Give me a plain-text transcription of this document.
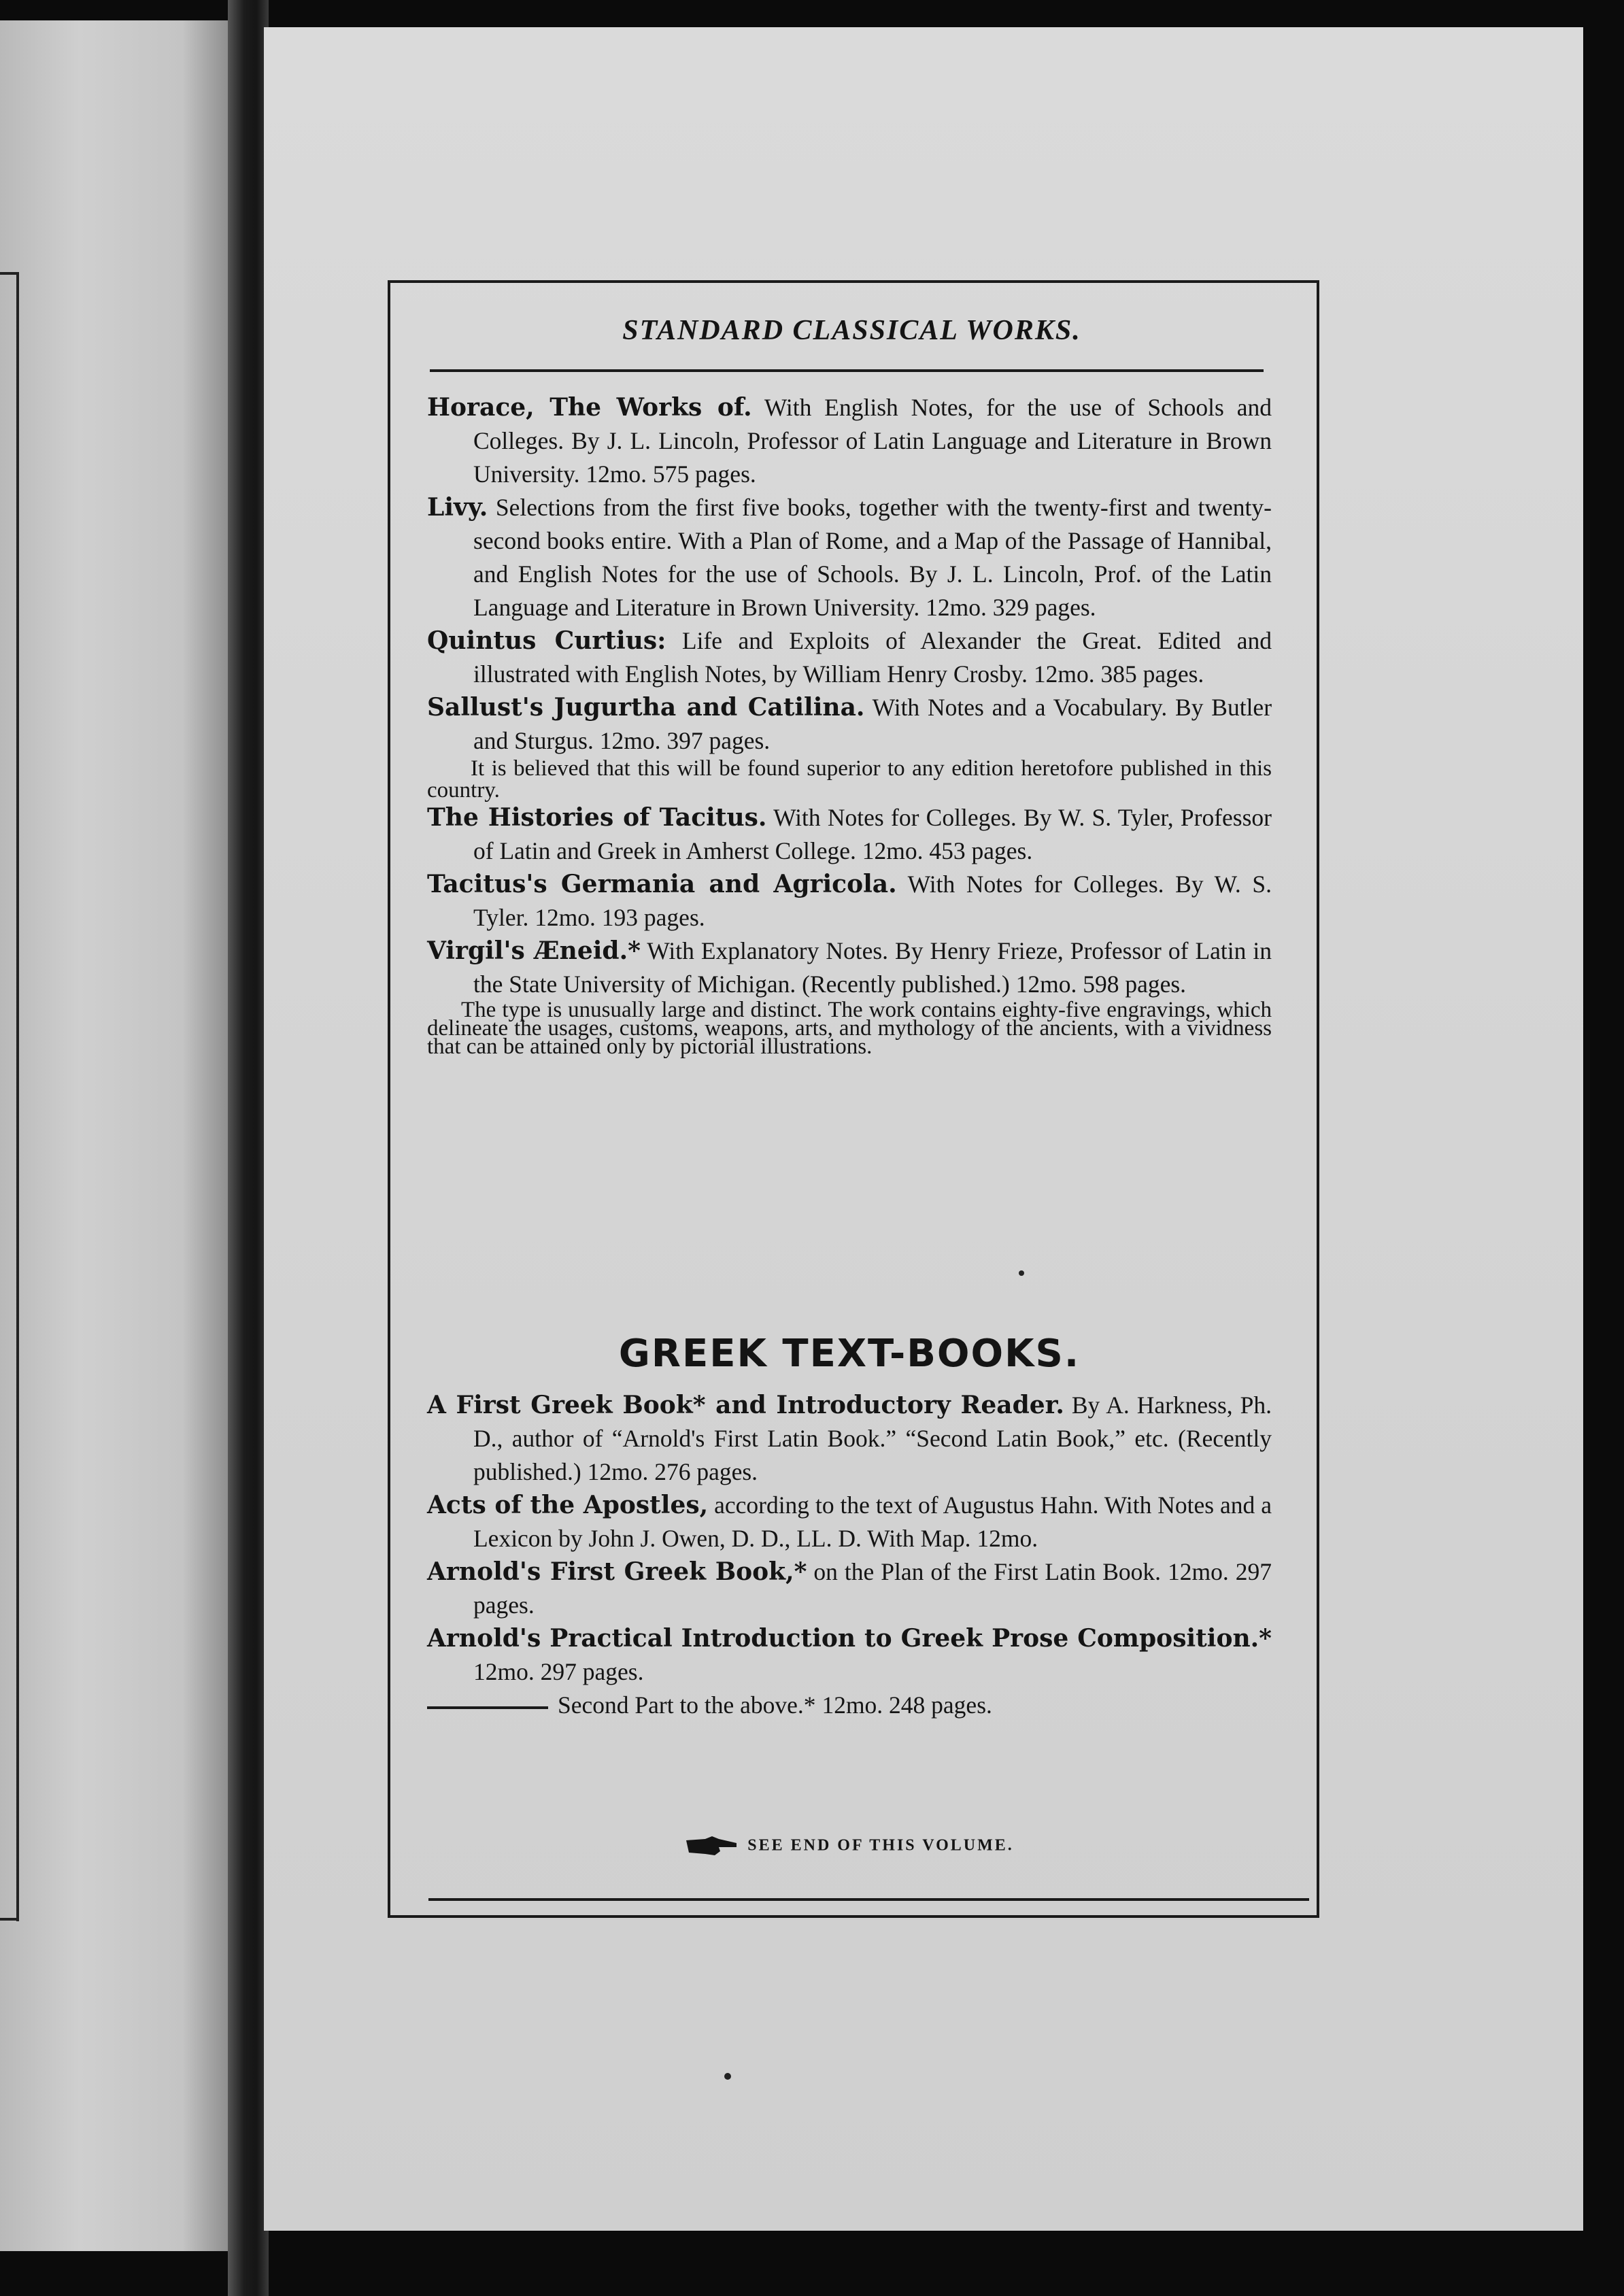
STANDARD CLASSICAL WORKS.

Horace, The Works of. With English Notes, for the use of Schools and Colleges. By J. L. Lincoln, Professor of Latin Language and Literature in Brown University. 12mo. 575 pages.

Livy. Selections from the first five books, together with the twenty-first and twenty-second books entire. With a Plan of Rome, and a Map of the Passage of Hannibal, and English Notes for the use of Schools. By J. L. Lincoln, Prof. of the Latin Language and Literature in Brown University. 12mo. 329 pages.

Quintus Curtius: Life and Exploits of Alexander the Great. Edited and illustrated with English Notes, by William Henry Crosby. 12mo. 385 pages.

Sallust's Jugurtha and Catilina. With Notes and a Vocabulary. By Butler and Sturgus. 12mo. 397 pages.

It is believed that this will be found superior to any edition heretofore published in this country.

The Histories of Tacitus. With Notes for Colleges. By W. S. Tyler, Professor of Latin and Greek in Amherst College. 12mo. 453 pages.

Tacitus's Germania and Agricola. With Notes for Colleges. By W. S. Tyler. 12mo. 193 pages.

Virgil's Æneid.* With Explanatory Notes. By Henry Frieze, Professor of Latin in the State University of Michigan. (Recently published.) 12mo. 598 pages.

The type is unusually large and distinct. The work contains eighty-five engravings, which delineate the usages, customs, weapons, arts, and mythology of the ancients, with a vividness that can be attained only by pictorial illustrations.

GREEK TEXT-BOOKS.

A First Greek Book* and Introductory Reader. By A. Harkness, Ph. D., author of “Arnold's First Latin Book.” “Second Latin Book,” etc. (Recently published.) 12mo. 276 pages.

Acts of the Apostles, according to the text of Augustus Hahn. With Notes and a Lexicon by John J. Owen, D. D., LL. D. With Map. 12mo.

Arnold's First Greek Book,* on the Plan of the First Latin Book. 12mo. 297 pages.

Arnold's Practical Introduction to Greek Prose Composition.* 12mo. 297 pages.

Second Part to the above.* 12mo. 248 pages.

SEE END OF THIS VOLUME.
